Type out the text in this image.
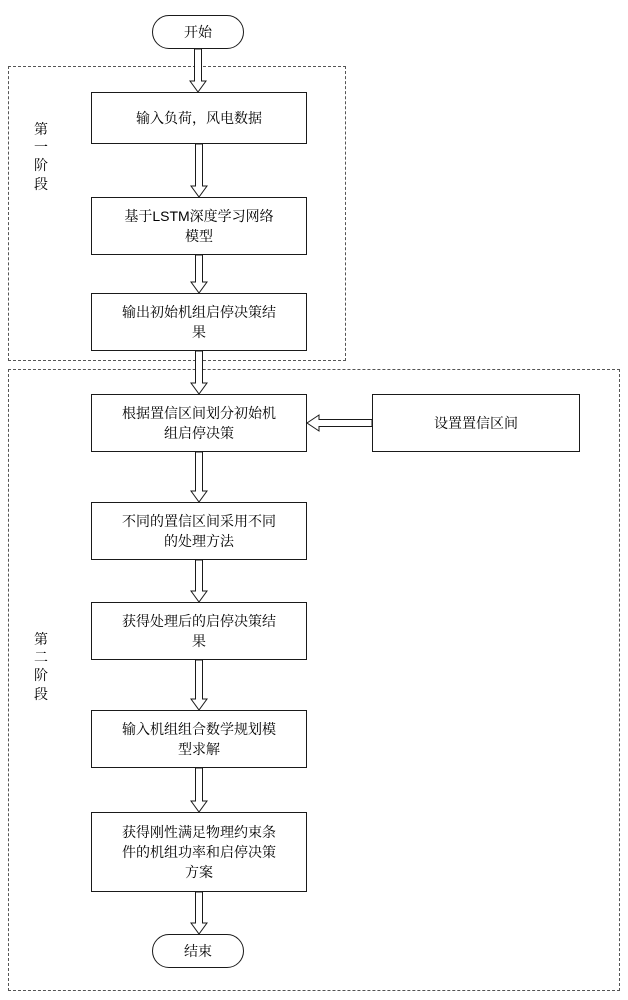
第
一
阶
段
第
二
阶
段
开始
输入负荷，风电数据
基于LSTM深度学习网络
模型
输出初始机组启停决策结
果
根据置信区间划分初始机
组启停决策
设置置信区间
不同的置信区间采用不同
的处理方法
获得处理后的启停决策结
果
输入机组组合数学规划模
型求解
获得刚性满足物理约束条
件的机组功率和启停决策
方案
结束
